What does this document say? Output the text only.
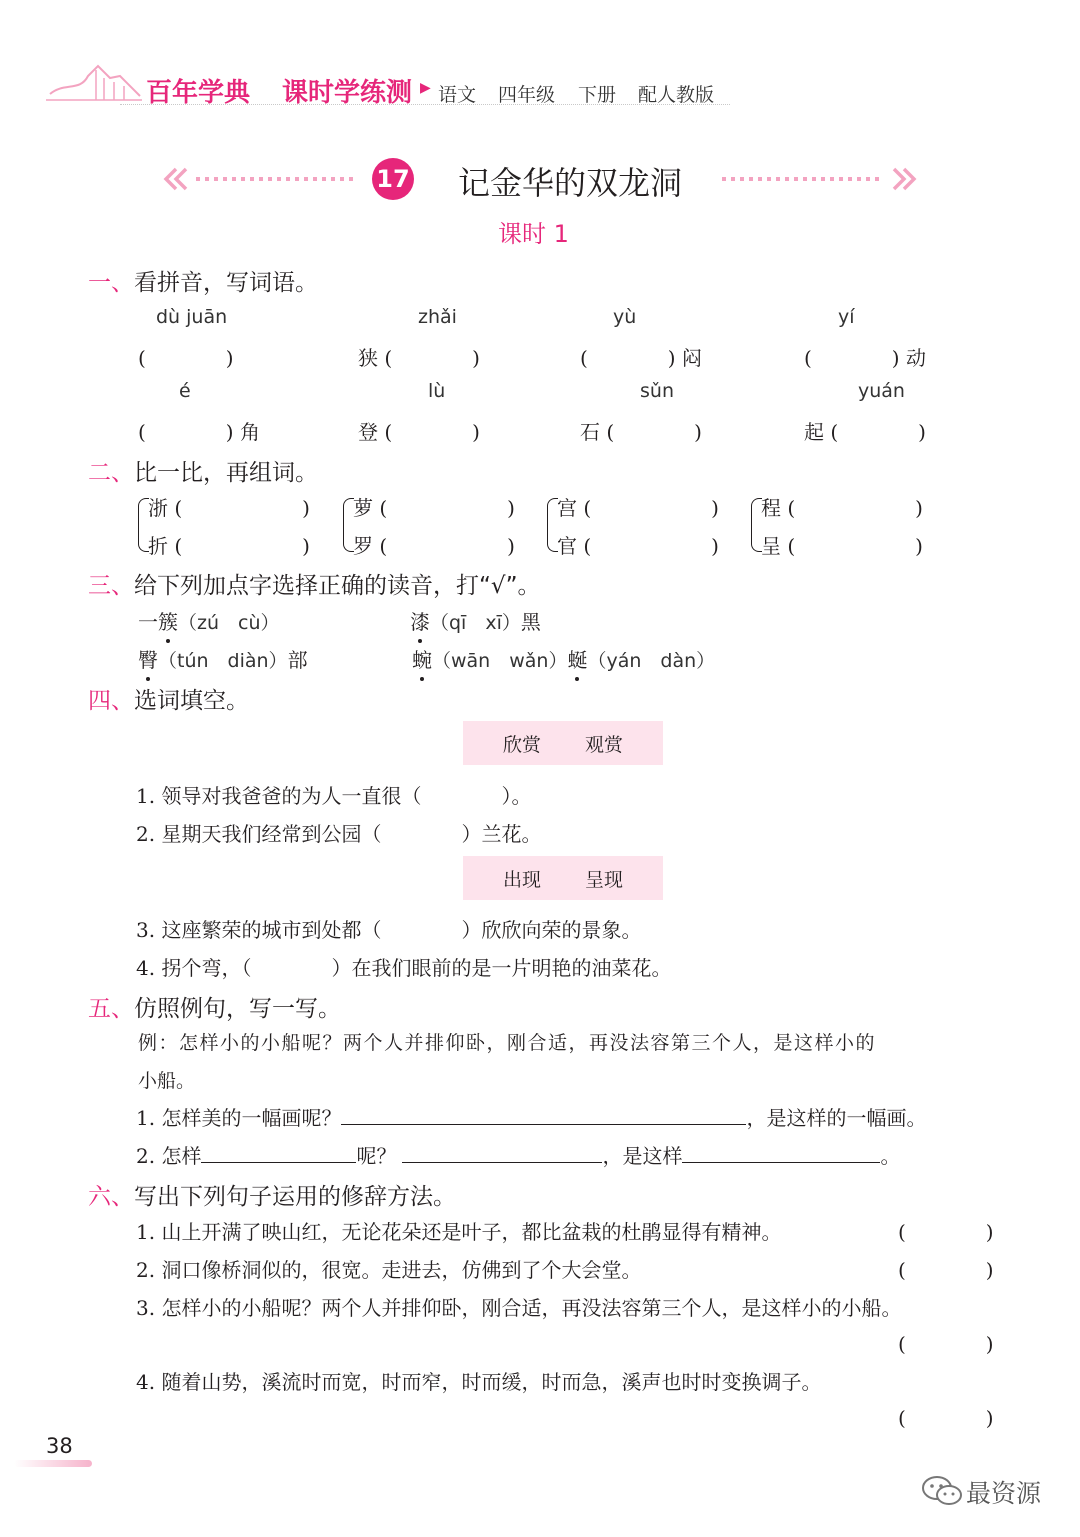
百年学典 课时学练测 ▶ 语文 四年级 下册 配人教版
17 记金华的双龙洞
课时 1
一、看拼音，写词语。
dù juān	zhǎi	yù	yí
(　　　　)	狭 (　　　　)	(　　　　) 闷	(　　　　) 动
é	lù	sǔn	yuán
(　　　　) 角	登 (　　　　)	石 (　　　　)	起 (　　　　)
二、比一比，再组词。
浙 (　　　　　　)
折 (　　　　　　)
萝 (　　　　　　)
罗 (　　　　　　)
宫 (　　　　　　)
官 (　　　　　　)
程 (　　　　　　)
呈 (　　　　　　)
三、给下列加点字选择正确的读音，打“√”。
一簇（zú　cù）	漆（qī　xī）黑
臀（tún　diàn）部	蜿（wān　wǎn）蜒（yán　dàn）
四、选词填空。
欣赏 观赏
1. 领导对我爸爸的为人一直很（　　　　）。
2. 星期天我们经常到公园（　　　　）兰花。
出现 呈现
3. 这座繁荣的城市到处都（　　　　）欣欣向荣的景象。
4. 拐个弯，（　　　　）在我们眼前的是一片明艳的油菜花。
五、仿照例句，写一写。
例：怎样小的小船呢？两个人并排仰卧，刚合适，再没法容第三个人，是这样小的
小船。
1. 怎样美的一幅画呢？	，是这样的一幅画。
2. 怎样	呢？	，是这样	。
六、写出下列句子运用的修辞方法。
1. 山上开满了映山红，无论花朵还是叶子，都比盆栽的杜鹃显得有精神。	(　　　　)
2. 洞口像桥洞似的，很宽。走进去，仿佛到了个大会堂。	(　　　　)
3. 怎样小的小船呢？两个人并排仰卧，刚合适，再没法容第三个人，是这样小的小船。
(　　　　)
4. 随着山势，溪流时而宽，时而窄，时而缓，时而急，溪声也时时变换调子。
(　　　　)
38
最资源
